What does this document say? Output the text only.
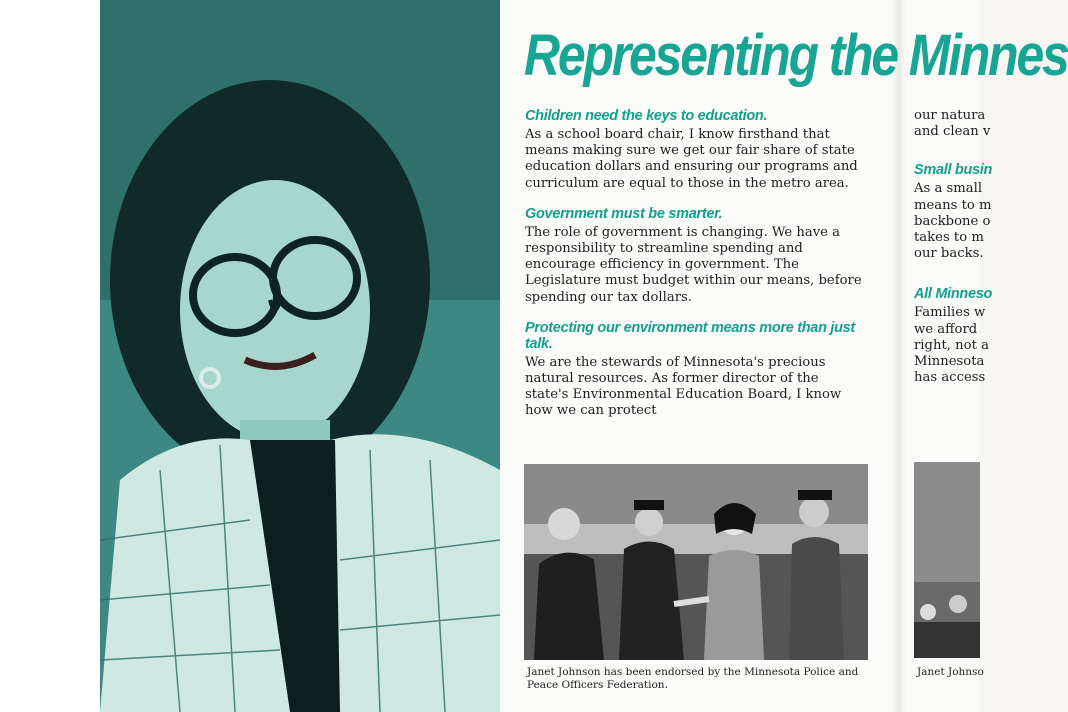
Representing the Minnes

Children need the keys to education.

As a school board chair, I know firsthand that means making sure we get our fair share of state education dollars and ensuring our programs and curriculum are equal to those in the metro area.

Government must be smarter.

The role of government is changing. We have a responsibility to streamline spending and encourage efficiency in government. The Legislature must budget within our means, before spending our tax dollars.

Protecting our environment means more than just talk.

We are the stewards of Minnesota's precious natural resources. As former director of the state's Environmental Education Board, I know how we can protect

our natura

and clean v

Small busin

As a small

means to m

backbone o

takes to m

our backs.

All Minneso

Families w

we afford

right, not a

Minnesota

has access

Janet Johnson has been endorsed by the Minnesota Police and Peace Officers Federation.
Janet Johnso
